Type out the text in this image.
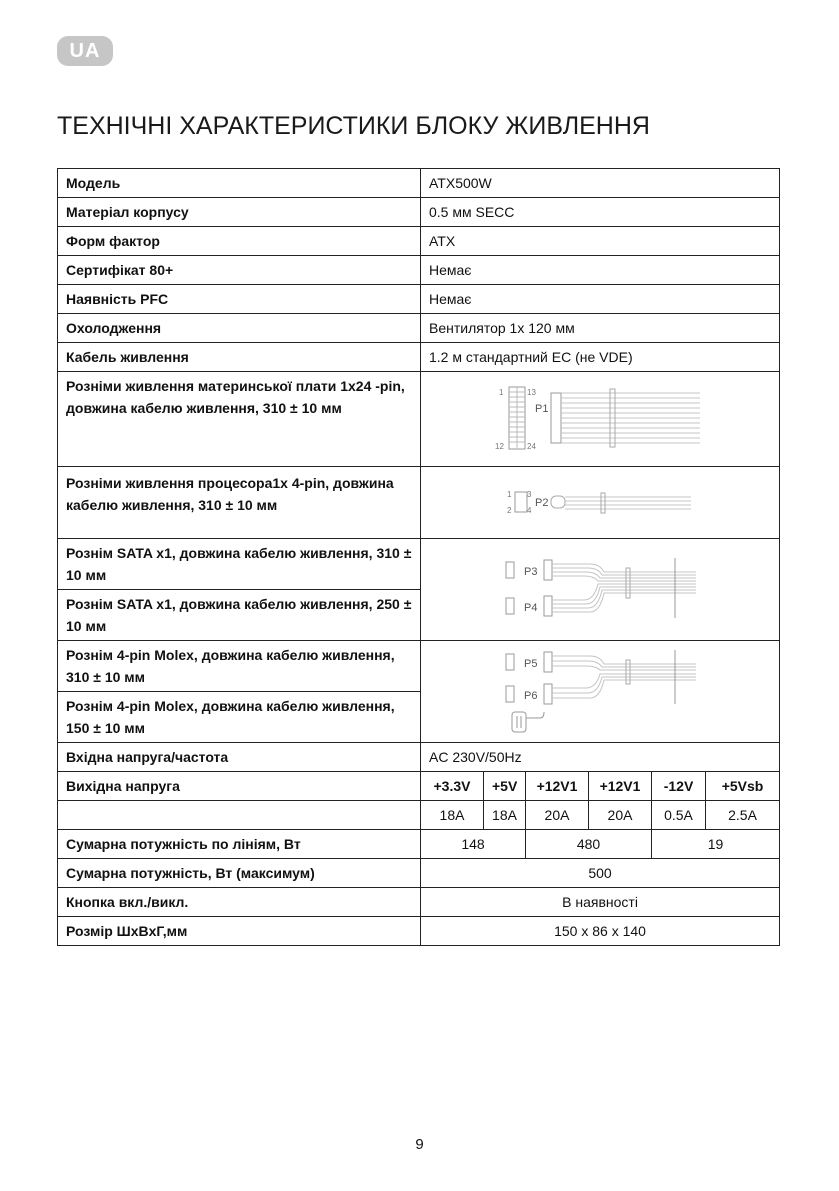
UA
ТЕХНІЧНІ ХАРАКТЕРИСТИКИ БЛОКУ ЖИВЛЕННЯ
Модель	ATX500W					
Матеріал корпусу	0.5 мм SECC					
Форм фактор	ATX					
Сертифікат 80+	Немає					
Наявність PFC	Немає					
Охолодження	Вентилятор 1x 120 мм					
Кабель живлення	1.2 м стандартний EC (не VDE)					
Розніми живлення материнської плати 1x24 -pin, довжина кабелю живлення, 310 ± 10 мм	1 13
12 24
P1					

Розніми живлення процесора1x 4-pin, довжина кабелю живлення, 310 ± 10 мм	1
2
3
4
P2					

Рознім SATA x1, довжина кабелю живлення, 310 ± 10 мм	P3
P4					

Рознім SATA x1, довжина кабелю живлення, 250 ± 10 мм						
Рознім 4-pin Molex, довжина кабелю живлення, 310 ± 10 мм	P5
P6					

Рознім 4-pin Molex, довжина кабелю живлення, 150 ± 10 мм						
Вхідна напруга/частота	AC 230V/50Hz					
Вихідна напруга	+3.3V	+5V	+12V1	+12V1	-12V	+5Vsb
	18A	18A	20A	20A	0.5A	2.5A
Сумарна потужність по лініям, Вт	148		480		19	
Сумарна потужність, Вт (максимум)	500					
Кнопка вкл./викл.	В наявності					
Розмір ШxВxГ,мм	150 x 86 x 140					
9
